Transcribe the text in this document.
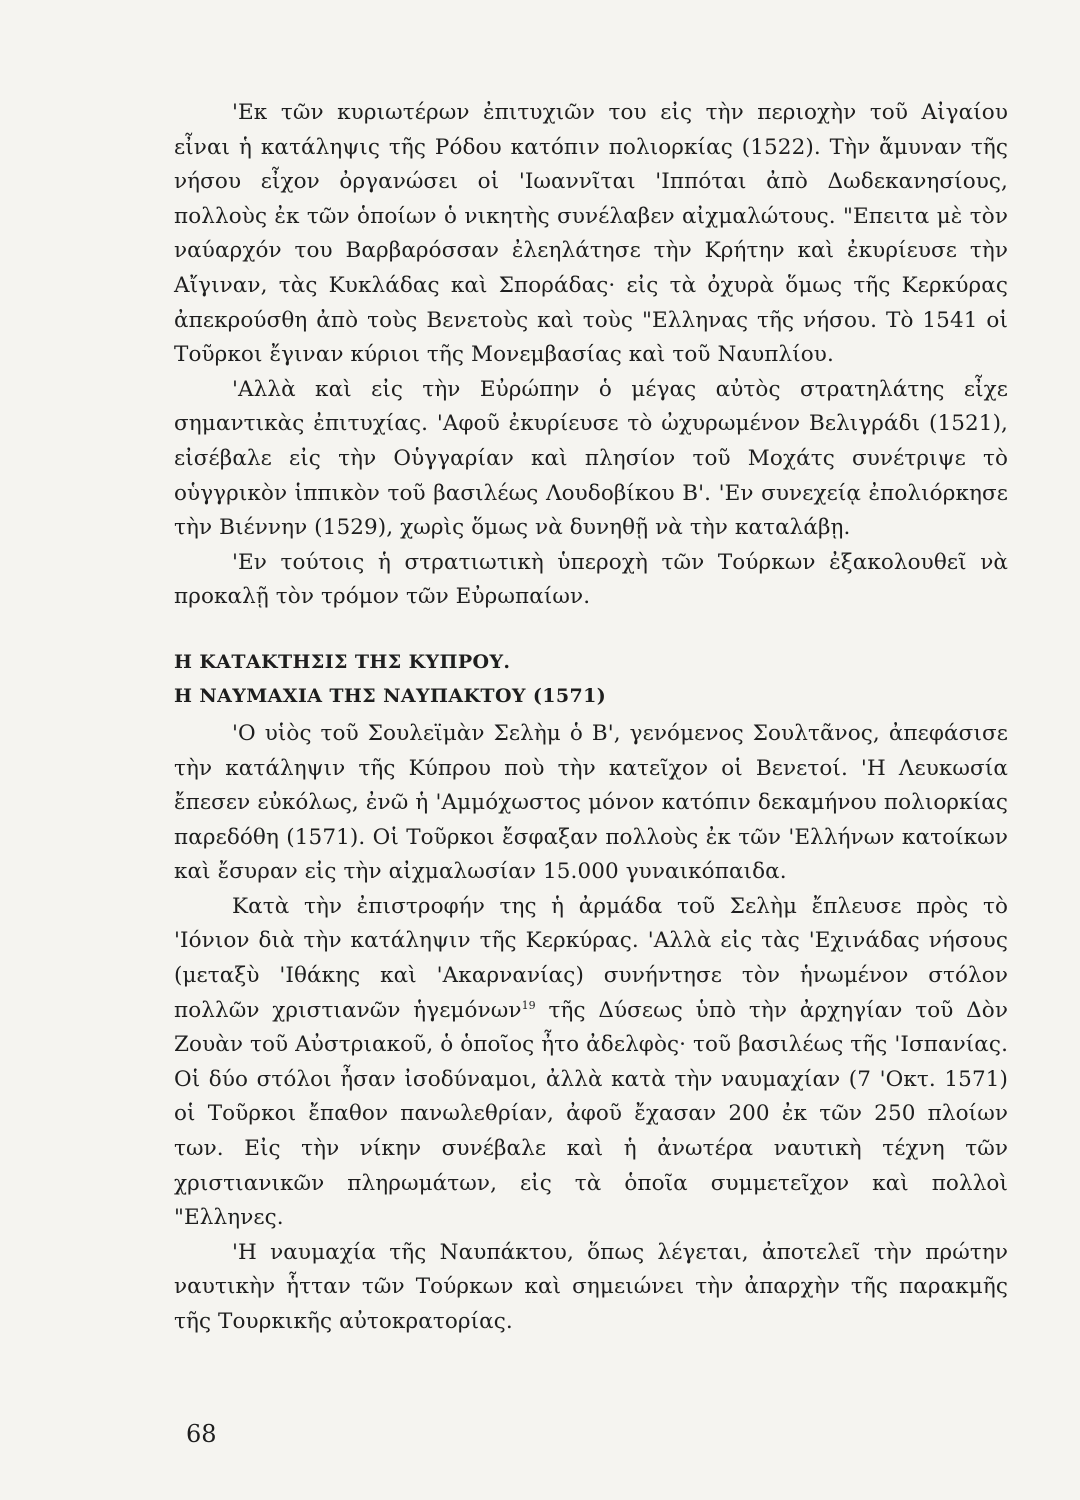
'Εκ τῶν κυριωτέρων ἐπιτυχιῶν του εἰς τὴν περιοχὴν τοῦ Αἰγαίου εἶναι ἡ κατάληψις τῆς Ρόδου κατόπιν πολιορκίας (1522). Τὴν ἄμυναν τῆς νήσου εἶχον ὀργανώσει οἱ 'Ιωαννῖται 'Ιππόται ἀπὸ Δωδεκανησίους, πολλοὺς ἐκ τῶν ὁποίων ὁ νικητὴς συνέλαβεν αἰχμαλώτους. "Επειτα μὲ τὸν ναύαρχόν του Βαρβαρόσσαν ἐλεηλάτησε τὴν Κρήτην καὶ ἐκυρίευσε τὴν Αἴγιναν, τὰς Κυκλάδας καὶ Σποράδας· εἰς τὰ ὀχυρὰ ὅμως τῆς Κερκύρας ἀπεκρούσθη ἀπὸ τοὺς Βενετοὺς καὶ τοὺς "Ελληνας τῆς νήσου. Τὸ 1541 οἱ Τοῦρκοι ἔγιναν κύριοι τῆς Μονεμβασίας καὶ τοῦ Ναυπλίου.

'Αλλὰ καὶ εἰς τὴν Εὐρώπην ὁ μέγας αὐτὸς στρατηλάτης εἶχε σημαντικὰς ἐπιτυχίας. 'Αφοῦ ἐκυρίευσε τὸ ὠχυρωμένον Βελιγράδι (1521), εἰσέβαλε εἰς τὴν Οὑγγαρίαν καὶ πλησίον τοῦ Μοχάτς συνέτριψε τὸ οὑγγρικὸν ἱππικὸν τοῦ βασιλέως Λουδοβίκου Β'. 'Εν συνεχείᾳ ἐπολιόρκησε τὴν Βιέννην (1529), χωρὶς ὅμως νὰ δυνηθῇ νὰ τὴν καταλάβῃ.

'Εν τούτοις ἡ στρατιωτικὴ ὑπεροχὴ τῶν Τούρκων ἐξακολουθεῖ νὰ προκαλῇ τὸν τρόμον τῶν Εὐρωπαίων.

Η ΚΑΤΑΚΤΗΣΙΣ ΤΗΣ ΚΥΠΡΟΥ.

Η ΝΑΥΜΑΧΙΑ ΤΗΣ ΝΑΥΠΑΚΤΟΥ (1571)

'Ο υἱὸς τοῦ Σουλεϊμὰν Σελὴμ ὁ Β', γενόμενος Σουλτᾶνος, ἀπεφάσισε τὴν κατάληψιν τῆς Κύπρου ποὺ τὴν κατεῖχον οἱ Βενετοί. 'Η Λευκωσία ἔπεσεν εὐκόλως, ἐνῶ ἡ 'Αμμόχωστος μόνον κατόπιν δεκαμήνου πολιορκίας παρεδόθη (1571). Οἱ Τοῦρκοι ἔσφαξαν πολλοὺς ἐκ τῶν 'Ελλήνων κατοίκων καὶ ἔσυραν εἰς τὴν αἰχμαλωσίαν 15.000 γυναικόπαιδα.

Κατὰ τὴν ἐπιστροφήν της ἡ ἀρμάδα τοῦ Σελὴμ ἔπλευσε πρὸς τὸ 'Ιόνιον διὰ τὴν κατάληψιν τῆς Κερκύρας. 'Αλλὰ εἰς τὰς 'Εχινάδας νήσους (μεταξὺ 'Ιθάκης καὶ 'Ακαρνανίας) συνήντησε τὸν ἡνωμένον στόλον πολλῶν χριστιανῶν ἡγεμόνων$^{19}$ τῆς Δύσεως ὑπὸ τὴν ἀρχηγίαν τοῦ Δὸν Ζουὰν τοῦ Αὐστριακοῦ, ὁ ὁποῖος ἦτο ἀδελφὸς· τοῦ βασιλέως τῆς 'Ισπανίας. Οἱ δύο στόλοι ἦσαν ἰσοδύναμοι, ἀλλὰ κατὰ τὴν ναυμαχίαν (7 'Οκτ. 1571) οἱ Τοῦρκοι ἔπαθον πανωλεθρίαν, ἀφοῦ ἔχασαν 200 ἐκ τῶν 250 πλοίων των. Εἰς τὴν νίκην συνέβαλε καὶ ἡ ἀνωτέρα ναυτικὴ τέχνη τῶν χριστιανικῶν πληρωμάτων, εἰς τὰ ὁποῖα συμμετεῖχον καὶ πολλοὶ "Ελληνες.

'Η ναυμαχία τῆς Ναυπάκτου, ὅπως λέγεται, ἀποτελεῖ τὴν πρώτην ναυτικὴν ἧτταν τῶν Τούρκων καὶ σημειώνει τὴν ἀπαρχὴν τῆς παρακμῆς τῆς Τουρκικῆς αὐτοκρατορίας.

68
